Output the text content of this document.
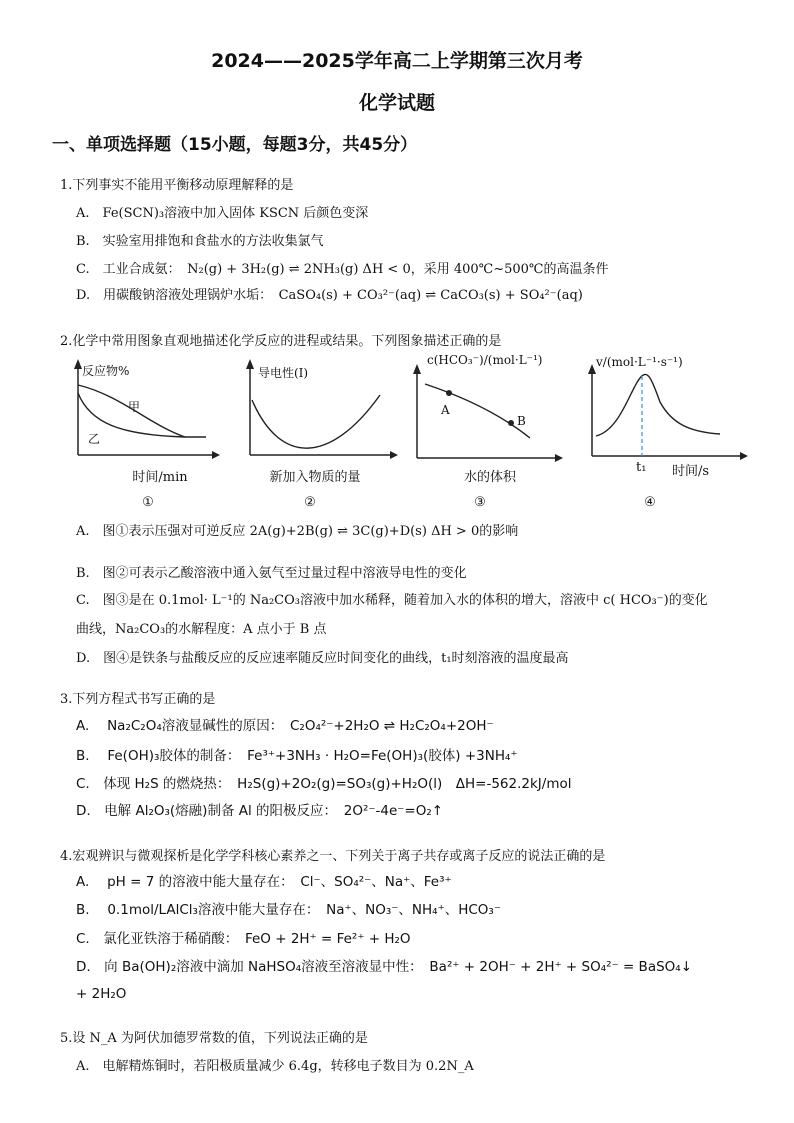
2024——2025学年高二上学期第三次月考
化学试题
一、单项选择题（15小题，每题3分，共45分）
1.下列事实不能用平衡移动原理解释的是
A.　Fe(SCN)₃溶液中加入固体 KSCN 后颜色变深
B.　实验室用排饱和食盐水的方法收集氯气
C.　工业合成氨：　N₂(g) + 3H₂(g) ⇌ 2NH₃(g) ΔH < 0，采用 400℃~500℃的高温条件
D.　用碳酸钠溶液处理锅炉水垢：　CaSO₄(s) + CO₃²⁻(aq) ⇌ CaCO₃(s) + SO₄²⁻(aq)
2.化学中常用图象直观地描述化学反应的进程或结果。下列图象描述正确的是
反应物%
甲
乙
时间/min
①
导电性(I)
新加入物质的量
②
A
B
c(HCO₃⁻)/(mol·L⁻¹)
水的体积
③
v/(mol·L⁻¹·s⁻¹)
t₁ 时间/s
④
A.　图①表示压强对可逆反应 2A(g)+2B(g) ⇌ 3C(g)+D(s) ΔH > 0的影响
B.　图②可表示乙酸溶液中通入氨气至过量过程中溶液导电性的变化
C.　图③是在 0.1mol· L⁻¹的 Na₂CO₃溶液中加水稀释，随着加入水的体积的增大，溶液中 c( HCO₃⁻)的变化
曲线，Na₂CO₃的水解程度：A 点小于 B 点
D.　图④是铁条与盐酸反应的反应速率随反应时间变化的曲线，t₁时刻溶液的温度最高
3.下列方程式书写正确的是
A.　 Na₂C₂O₄溶液显碱性的原因：　C₂O₄²⁻+2H₂O ⇌ H₂C₂O₄+2OH⁻
B.　 Fe(OH)₃胶体的制备：　Fe³⁺+3NH₃ · H₂O=Fe(OH)₃(胶体) +3NH₄⁺
C.　体现 H₂S 的燃烧热：　H₂S(g)+2O₂(g)=SO₃(g)+H₂O(l)　ΔH=-562.2kJ/mol
D.　电解 Al₂O₃(熔融)制备 Al 的阳极反应：　2O²⁻-4e⁻=O₂↑
4.宏观辨识与微观探析是化学学科核心素养之一、下列关于离子共存或离子反应的说法正确的是
A.　 pH = 7 的溶液中能大量存在：　Cl⁻、SO₄²⁻、Na⁺、Fe³⁺
B.　 0.1mol/LAlCl₃溶液中能大量存在：　Na⁺、NO₃⁻、NH₄⁺、HCO₃⁻
C.　氯化亚铁溶于稀硝酸：　FeO + 2H⁺ = Fe²⁺ + H₂O
D.　向 Ba(OH)₂溶液中滴加 NaHSO₄溶液至溶液显中性：　Ba²⁺ + 2OH⁻ + 2H⁺ + SO₄²⁻ = BaSO₄↓
+ 2H₂O
5.设 N_A 为阿伏加德罗常数的值，下列说法正确的是
A.　电解精炼铜时，若阳极质量减少 6.4g，转移电子数目为 0.2N_A
